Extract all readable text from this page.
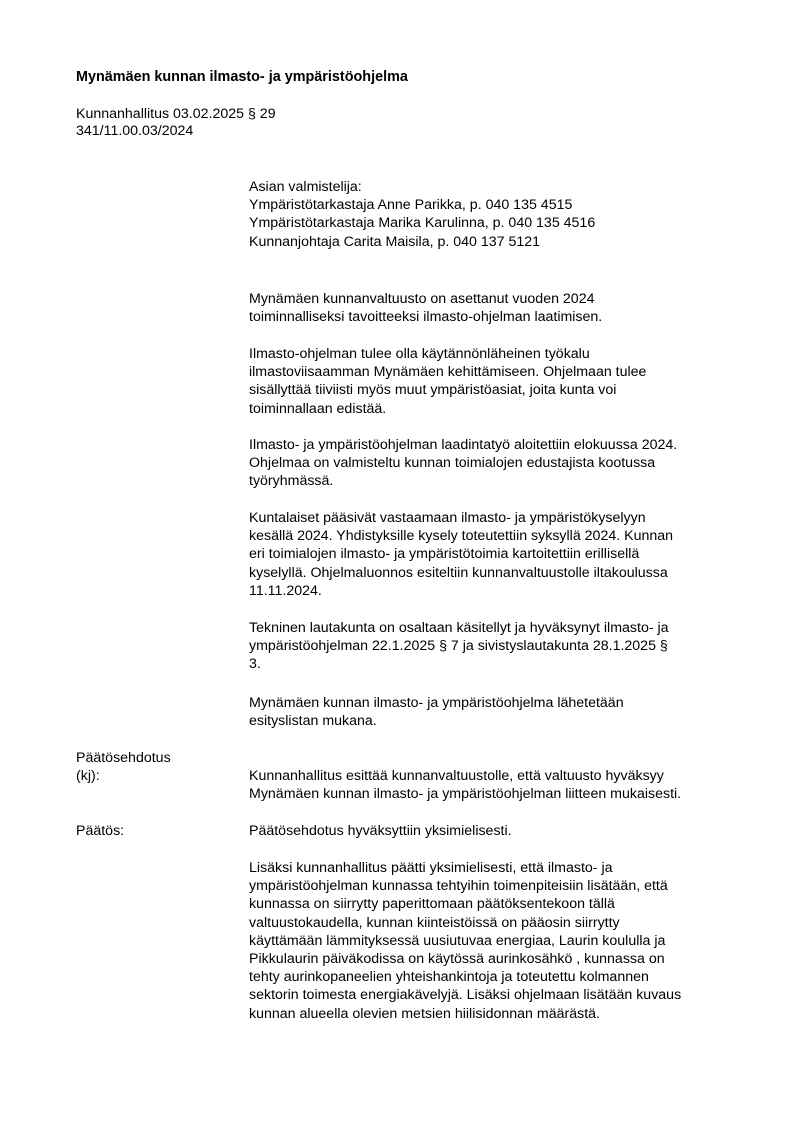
Mynämäen kunnan ilmasto- ja ympäristöohjelma
Kunnanhallitus 03.02.2025 § 29
341/11.00.03/2024
Asian valmistelija:
Ympäristötarkastaja Anne Parikka, p. 040 135 4515
Ympäristötarkastaja Marika Karulinna, p. 040 135 4516
Kunnanjohtaja Carita Maisila, p. 040 137 5121
Mynämäen kunnanvaltuusto on asettanut vuoden 2024
toiminnalliseksi tavoitteeksi ilmasto-ohjelman laatimisen.
Ilmasto-ohjelman tulee olla käytännönläheinen työkalu
ilmastoviisaamman Mynämäen kehittämiseen. Ohjelmaan tulee
sisällyttää tiiviisti myös muut ympäristöasiat, joita kunta voi
toiminnallaan edistää.
Ilmasto- ja ympäristöohjelman laadintatyö aloitettiin elokuussa 2024.
Ohjelmaa on valmisteltu kunnan toimialojen edustajista kootussa
työryhmässä.
Kuntalaiset pääsivät vastaamaan ilmasto- ja ympäristökyselyyn
kesällä 2024. Yhdistyksille kysely toteutettiin syksyllä 2024. Kunnan
eri toimialojen ilmasto- ja ympäristötoimia kartoitettiin erillisellä
kyselyllä. Ohjelmaluonnos esiteltiin kunnanvaltuustolle iltakoulussa
11.11.2024.
Tekninen lautakunta on osaltaan käsitellyt ja hyväksynyt ilmasto- ja
ympäristöohjelman 22.1.2025 § 7 ja sivistyslautakunta 28.1.2025 §
3.
Mynämäen kunnan ilmasto- ja ympäristöohjelma lähetetään
esityslistan mukana.
Päätösehdotus
(kj):	Kunnanhallitus esittää kunnanvaltuustolle, että valtuusto hyväksyy
Mynämäen kunnan ilmasto- ja ympäristöohjelman liitteen mukaisesti.
Päätös:	Päätösehdotus hyväksyttiin yksimielisesti.
Lisäksi kunnanhallitus päätti yksimielisesti, että ilmasto- ja
ympäristöohjelman kunnassa tehtyihin toimenpiteisiin lisätään, että
kunnassa on siirrytty paperittomaan päätöksentekoon tällä
valtuustokaudella, kunnan kiinteistöissä on pääosin siirrytty
käyttämään lämmityksessä uusiutuvaa energiaa, Laurin koululla ja
Pikkulaurin päiväkodissa on käytössä aurinkosähkö , kunnassa on
tehty aurinkopaneelien yhteishankintoja ja toteutettu kolmannen
sektorin toimesta energiakävelyjä. Lisäksi ohjelmaan lisätään kuvaus
kunnan alueella olevien metsien hiilisidonnan määrästä.
